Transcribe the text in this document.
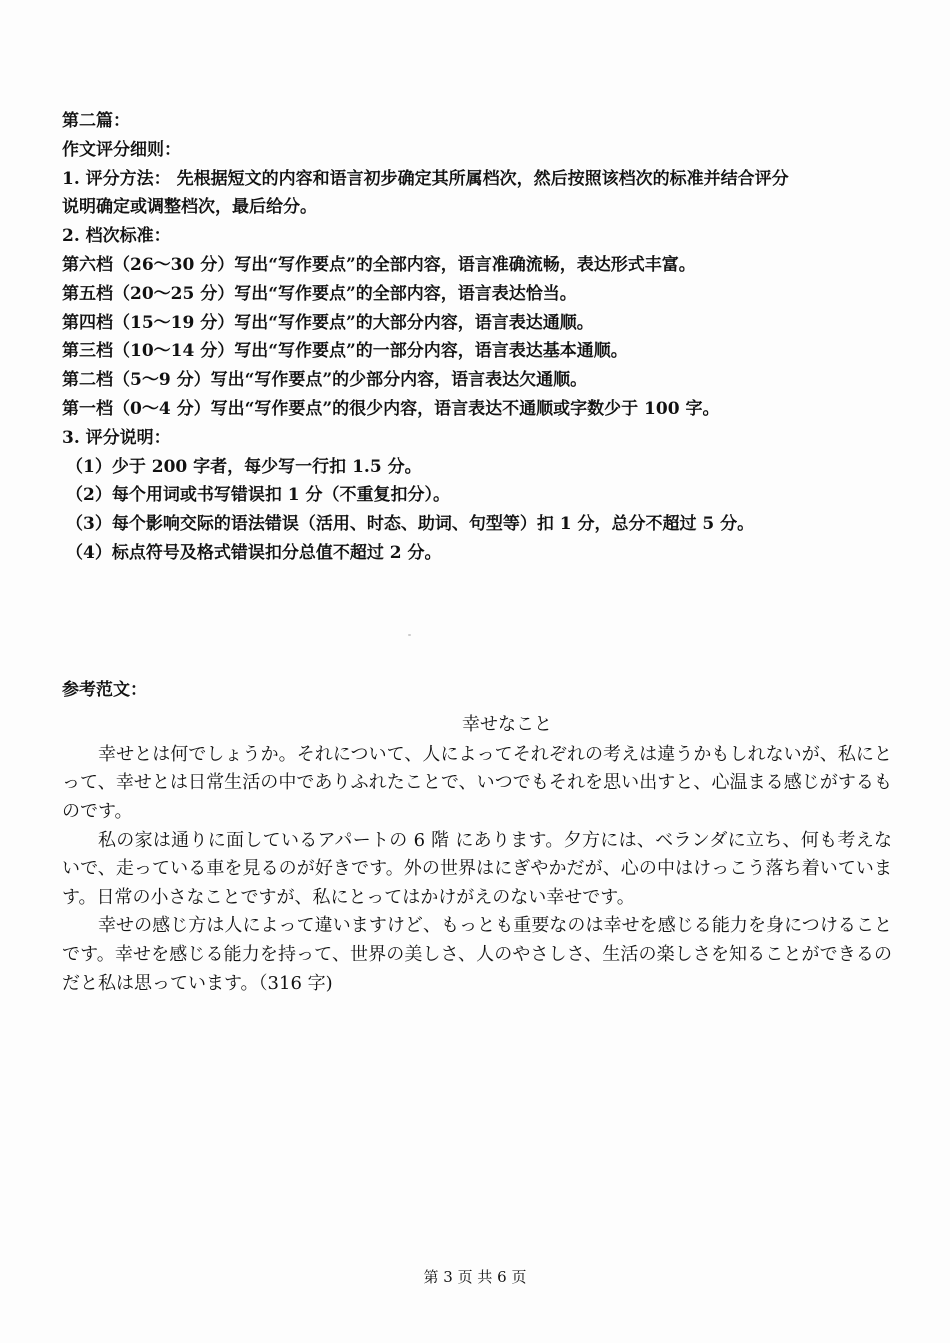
第二篇：
作文评分细则：
1. 评分方法： 先根据短文的内容和语言初步确定其所属档次，然后按照该档次的标准并结合评分
说明确定或调整档次，最后给分。
2. 档次标准：
第六档（26～30 分）写出“写作要点”的全部内容，语言准确流畅，表达形式丰富。
第五档（20～25 分）写出“写作要点”的全部内容，语言表达恰当。
第四档（15～19 分）写出“写作要点”的大部分内容，语言表达通顺。
第三档（10～14 分）写出“写作要点”的一部分内容，语言表达基本通顺。
第二档（5～9 分）写出“写作要点”的少部分内容，语言表达欠通顺。
第一档（0～4 分）写出“写作要点”的很少内容，语言表达不通顺或字数少于 100 字。
3. 评分说明：
（1）少于 200 字者，每少写一行扣 1.5 分。
（2）每个用词或书写错误扣 1 分（不重复扣分）。
（3）每个影响交际的语法错误（活用、时态、助词、句型等）扣 1 分，总分不超过 5 分。
（4）标点符号及格式错误扣分总值不超过 2 分。
参考范文：
幸せなこと

幸せとは何でしょうか。それについて、人によってそれぞれの考えは違うかもしれないが、私にとって、幸せとは日常生活の中でありふれたことで、いつでもそれを思い出すと、心温まる感じがするものです。

私の家は通りに面しているアパートの 6 階 にあります。夕方には、ベランダに立ち、何も考えないで、走っている車を見るのが好きです。外の世界はにぎやかだが、心の中はけっこう落ち着いています。日常の小さなことですが、私にとってはかけがえのない幸せです。

幸せの感じ方は人によって違いますけど、もっとも重要なのは幸せを感じる能力を身につけることです。幸せを感じる能力を持って、世界の美しさ、人のやさしさ、生活の楽しさを知ることができるのだと私は思っています。（316 字)

第 3 页 共 6 页
